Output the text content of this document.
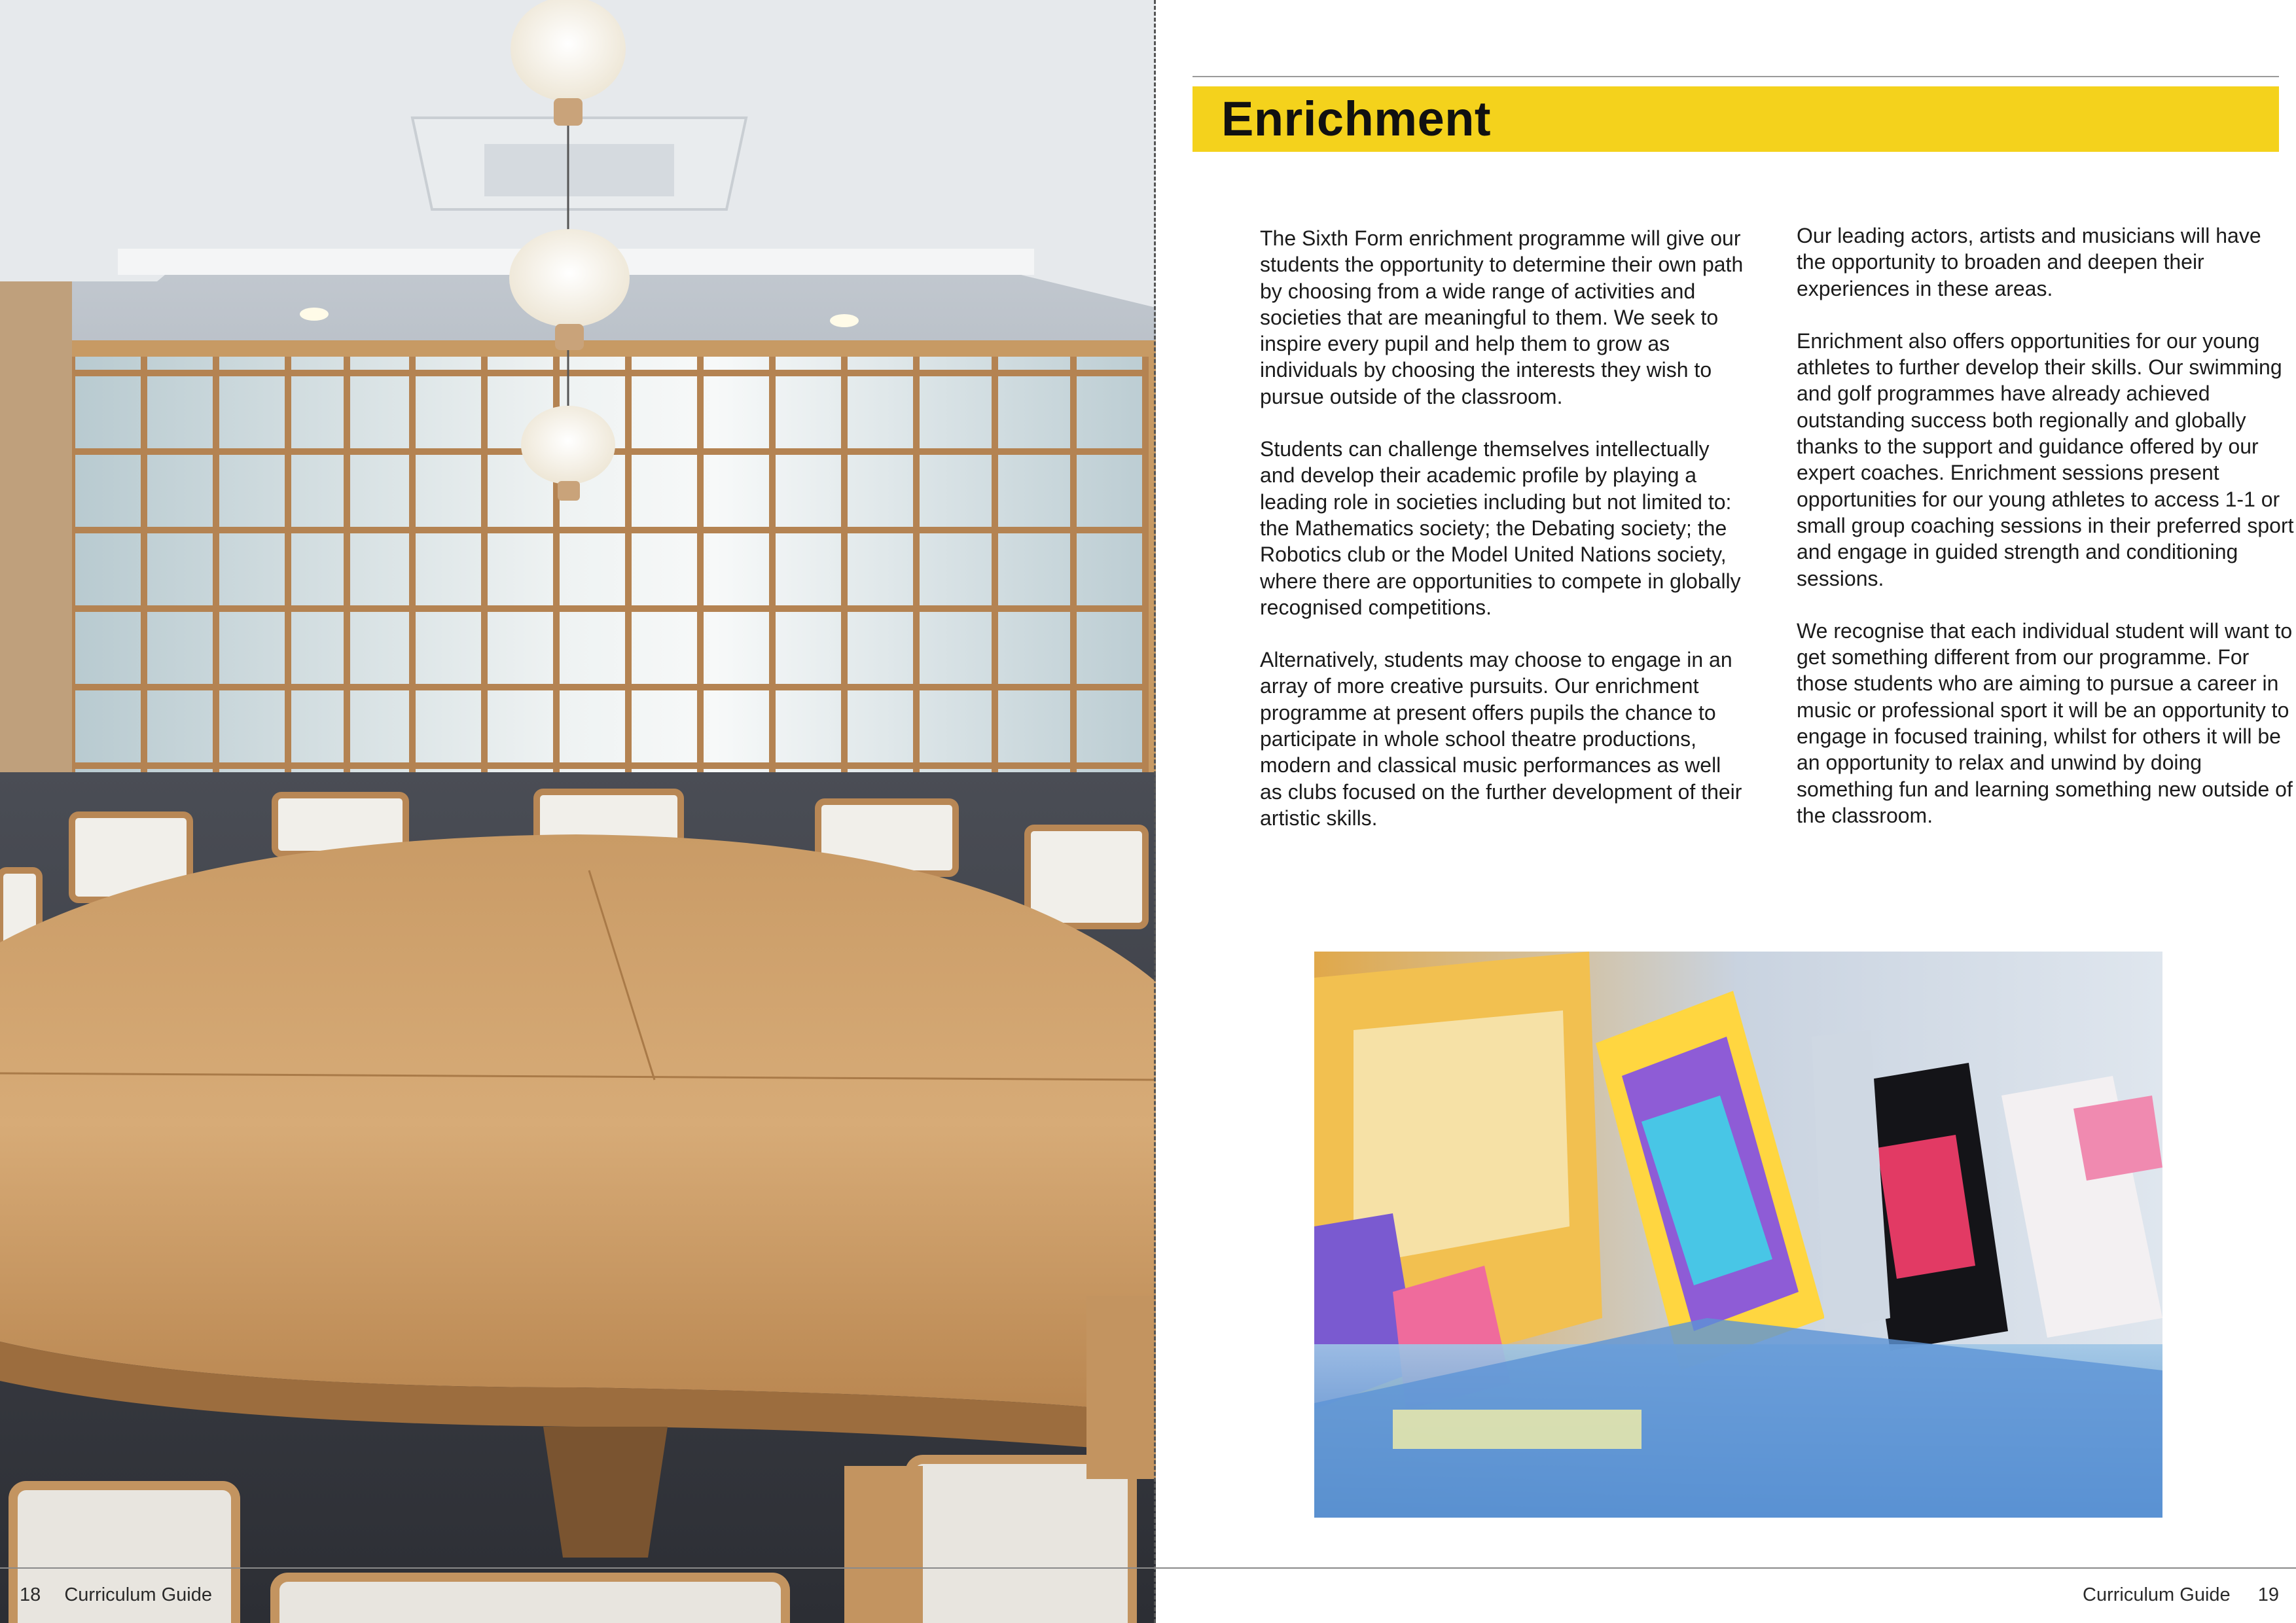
Enrichment

The Sixth Form enrichment programme will give our students the opportunity to determine their own path by choosing from a wide range of activities and societies that are meaningful to them. We seek to inspire every pupil and help them to grow as individuals by choosing the interests they wish to pursue outside of the classroom.

Students can challenge themselves intellectually and develop their academic profile by playing a leading role in societies including but not limited to: the Mathematics society; the Debating society; the Robotics club or the Model United Nations society, where there are opportunities to compete in globally recognised competitions.

Alternatively, students may choose to engage in an array of more creative pursuits. Our enrichment programme at present offers pupils the chance to participate in whole school theatre productions, modern and classical music performances as well as clubs focused on the further development of their artistic skills.

Our leading actors, artists and musicians will have the opportunity to broaden and deepen their experiences in these areas.

Enrichment also offers opportunities for our young athletes to further develop their skills. Our swimming and golf programmes have already achieved outstanding success both regionally and globally thanks to the support and guidance offered by our expert coaches. Enrichment sessions present opportunities for our young athletes to access 1-1 or small group coaching sessions in their preferred sport and engage in guided strength and conditioning sessions.

We recognise that each individual student will want to get something different from our programme. For those students who are aiming to pursue a career in music or professional sport it will be an opportunity to engage in focused training, whilst for others it will be an opportunity to relax and unwind by doing something fun and learning something new outside of the classroom.

18 Curriculum Guide	Curriculum Guide 19
